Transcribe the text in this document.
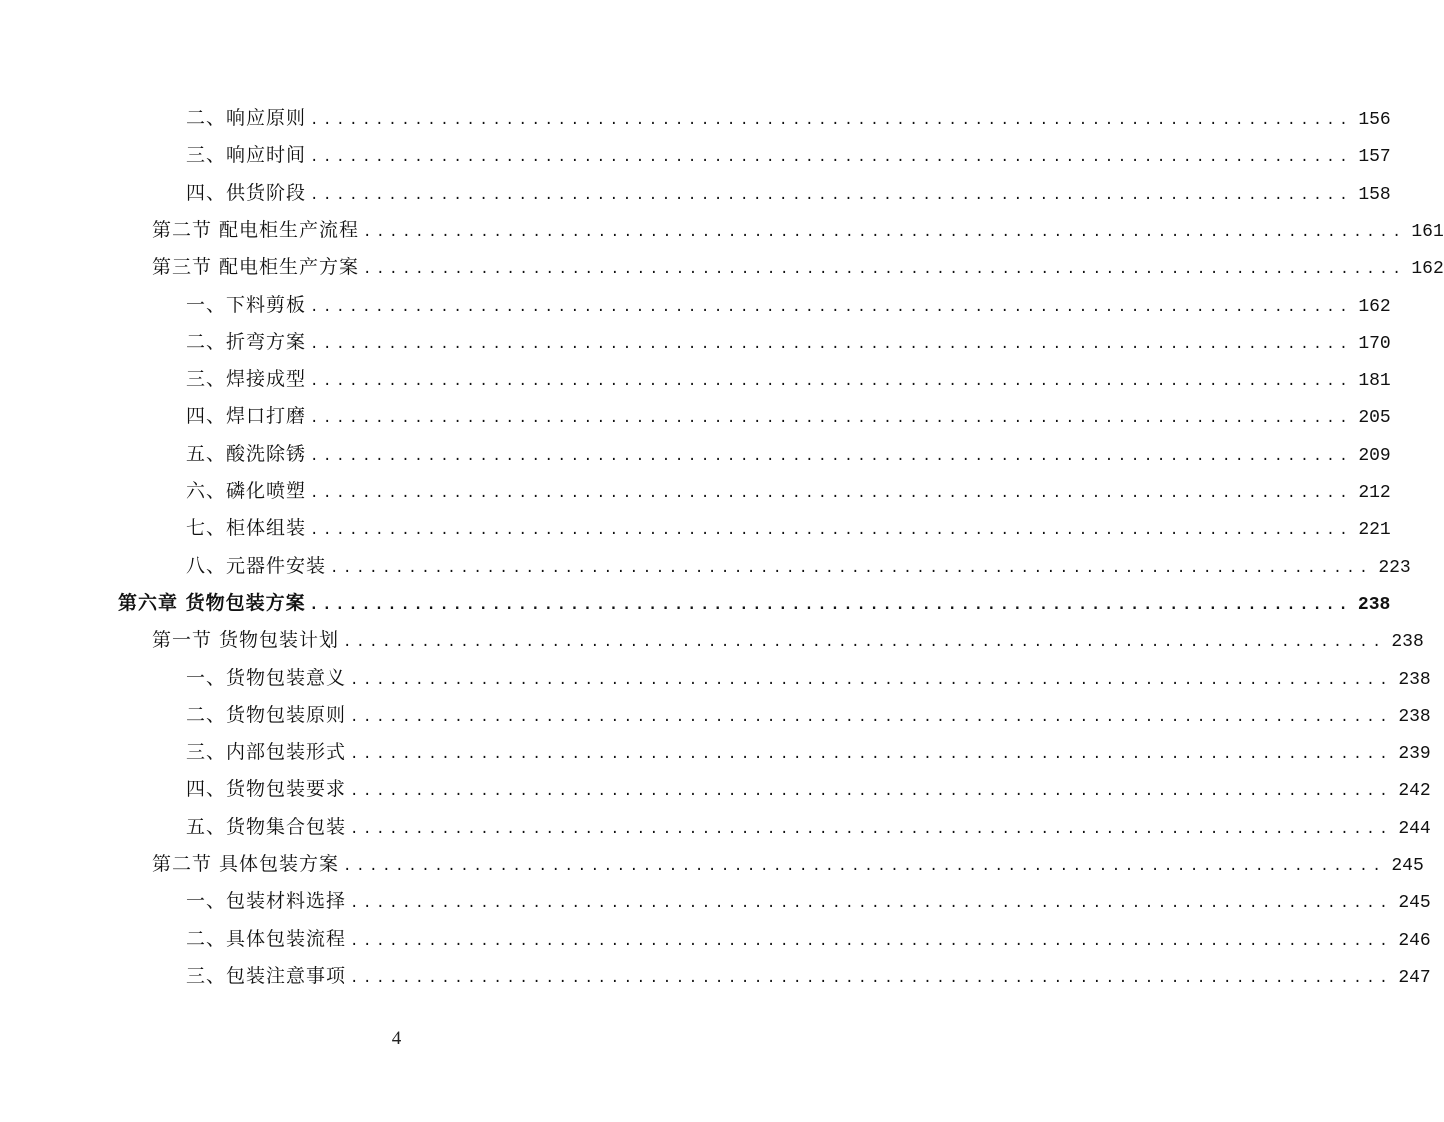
二、响应原则 ................................................................................ 156
三、响应时间 ................................................................................ 157
四、供货阶段 ................................................................................ 158
第二节 配电柜生产流程 ................................................................................ 161
第三节 配电柜生产方案 ................................................................................ 162
一、下料剪板 ................................................................................ 162
二、折弯方案 ................................................................................ 170
三、焊接成型 ................................................................................ 181
四、焊口打磨 ................................................................................ 205
五、酸洗除锈 ................................................................................ 209
六、磷化喷塑 ................................................................................ 212
七、柜体组装 ................................................................................ 221
八、元器件安装 ................................................................................ 223
第六章 货物包装方案 ................................................................................ 238
第一节 货物包装计划 ................................................................................ 238
一、货物包装意义 ................................................................................ 238
二、货物包装原则 ................................................................................ 238
三、内部包装形式 ................................................................................ 239
四、货物包装要求 ................................................................................ 242
五、货物集合包装 ................................................................................ 244
第二节 具体包装方案 ................................................................................ 245
一、包装材料选择 ................................................................................ 245
二、具体包装流程 ................................................................................ 246
三、包装注意事项 ................................................................................ 247
4
